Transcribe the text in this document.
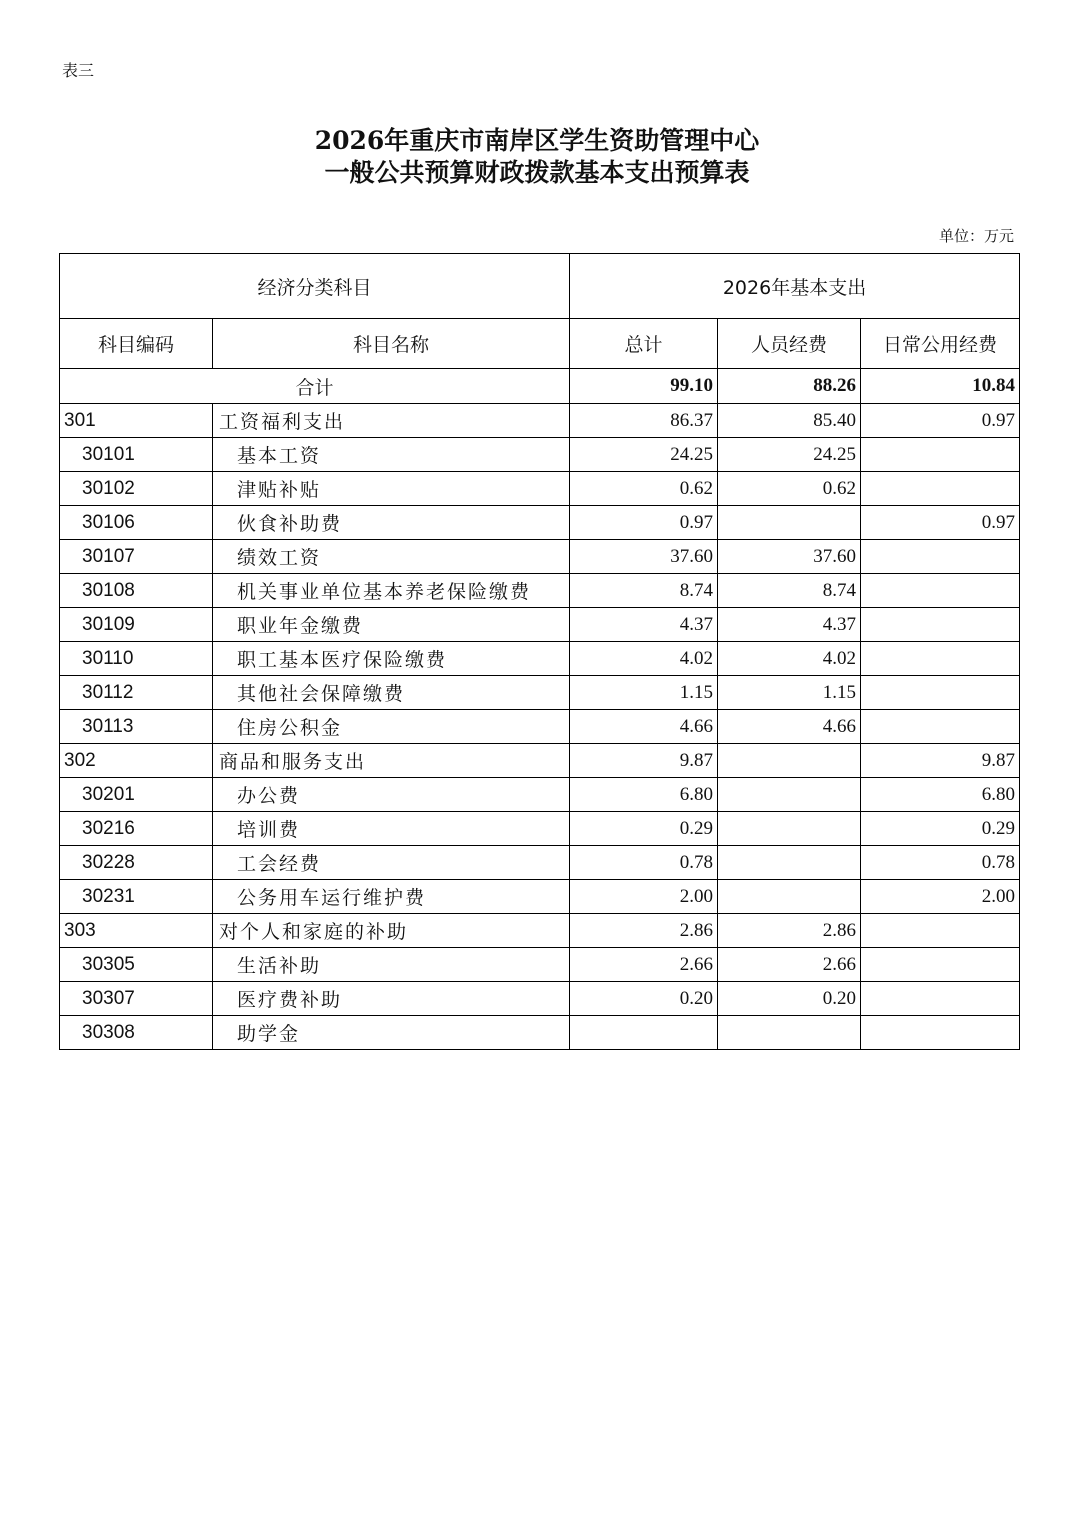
表三
2026年重庆市南岸区学生资助管理中心
一般公共预算财政拨款基本支出预算表
单位：万元
经济分类科目		2026年基本支出		
科目编码	科目名称	总计	人员经费	日常公用经费
合计		99.10	88.26	10.84
301	工资福利支出	86.37	85.40	0.97
30101	基本工资	24.25	24.25	
30102	津贴补贴	0.62	0.62	
30106	伙食补助费	0.97		0.97
30107	绩效工资	37.60	37.60	
30108	机关事业单位基本养老保险缴费	8.74	8.74	
30109	职业年金缴费	4.37	4.37	
30110	职工基本医疗保险缴费	4.02	4.02	
30112	其他社会保障缴费	1.15	1.15	
30113	住房公积金	4.66	4.66	
302	商品和服务支出	9.87		9.87
30201	办公费	6.80		6.80
30216	培训费	0.29		0.29
30228	工会经费	0.78		0.78
30231	公务用车运行维护费	2.00		2.00
303	对个人和家庭的补助	2.86	2.86	
30305	生活补助	2.66	2.66	
30307	医疗费补助	0.20	0.20	
30308	助学金			
